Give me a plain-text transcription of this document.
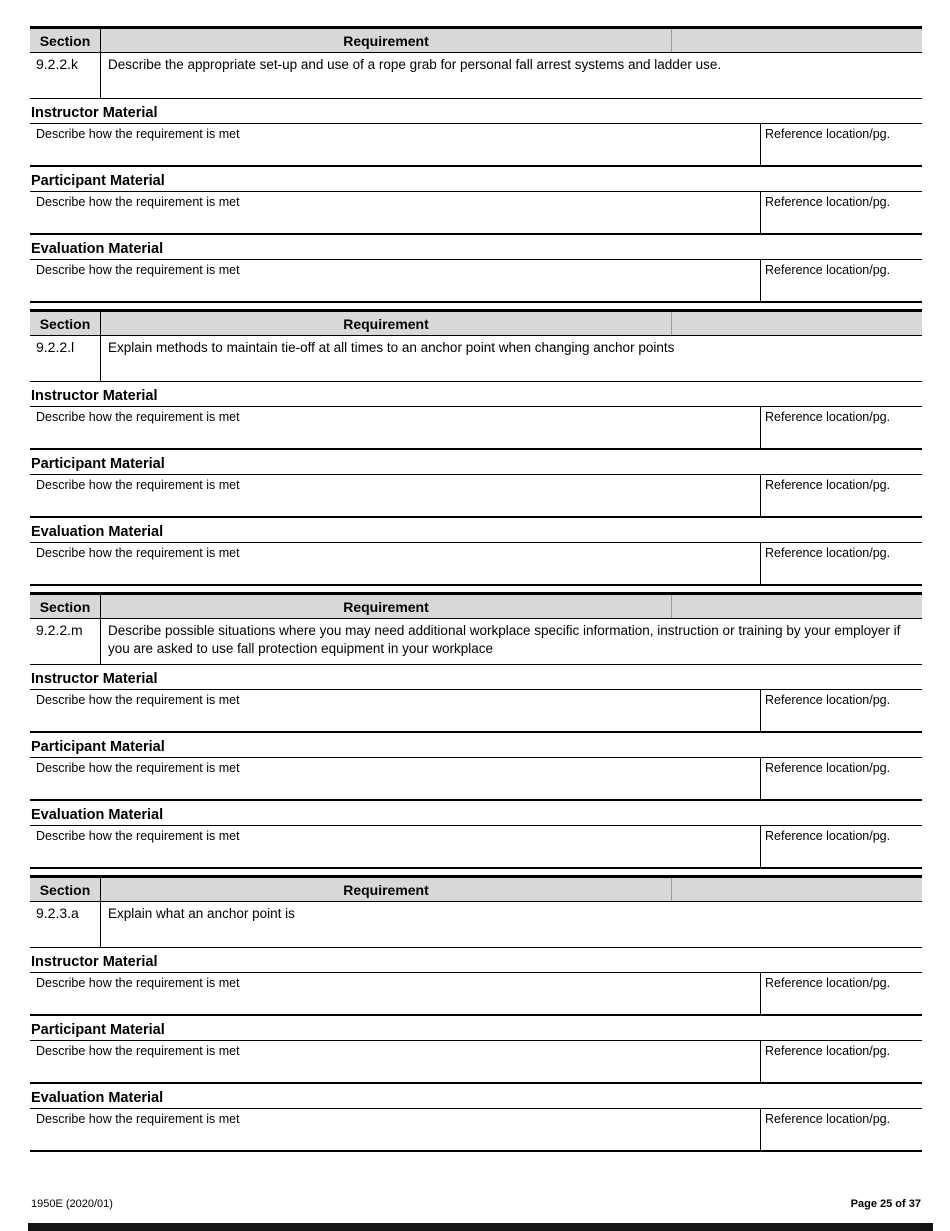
Section	Requirement
9.2.2.k	Describe the appropriate set-up and use of a rope grab for personal fall arrest systems and ladder use.
Instructor Material
Describe how the requirement is met	Reference location/pg.
Participant Material
Describe how the requirement is met	Reference location/pg.
Evaluation Material
Describe how the requirement is met	Reference location/pg.
Section	Requirement
9.2.2.l	Explain methods to maintain tie-off at all times to an anchor point when changing anchor points
Instructor Material
Describe how the requirement is met	Reference location/pg.
Participant Material
Describe how the requirement is met	Reference location/pg.
Evaluation Material
Describe how the requirement is met	Reference location/pg.
Section	Requirement
9.2.2.m	Describe possible situations where you may need additional workplace specific information, instruction or training by your employer if you are asked to use fall protection equipment in your workplace
Instructor Material
Describe how the requirement is met	Reference location/pg.
Participant Material
Describe how the requirement is met	Reference location/pg.
Evaluation Material
Describe how the requirement is met	Reference location/pg.
Section	Requirement
9.2.3.a	Explain what an anchor point is
Instructor Material
Describe how the requirement is met	Reference location/pg.
Participant Material
Describe how the requirement is met	Reference location/pg.
Evaluation Material
Describe how the requirement is met	Reference location/pg.
1950E (2020/01)	Page 25 of 37
